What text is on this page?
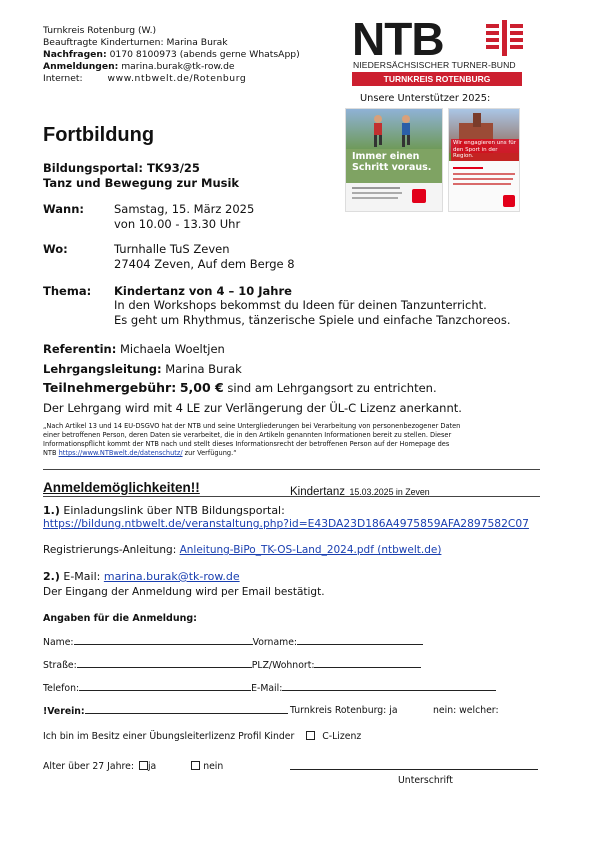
Turnkreis Rotenburg (W.)
Beauftragte Kinderturnen: Marina Burak
Nachfragen: 0170 8100973 (abends gerne WhatsApp)
Anmeldungen: marina.burak@tk-row.de
Internet:	www.ntbwelt.de/Rotenburg
NTB
NIEDERSÄCHSISCHER TURNER-BUND
TURNKREIS ROTENBURG
Unsere Unterstützer 2025:
Immer einen
Schritt voraus.
Wir engagieren uns für den Sport in der Region.
Fortbildung
Bildungsportal: TK93/25
Tanz und Bewegung zur Musik
Wann:	Samstag, 15. März 2025
von 10.00 - 13.30 Uhr
Wo:	Turnhalle TuS Zeven
27404 Zeven, Auf dem Berge 8
Thema: Kindertanz von 4 – 10 Jahre
In den Workshops bekommst du Ideen für deinen Tanzunterricht.
Es geht um Rhythmus, tänzerische Spiele und einfache Tanzchoreos.
Referentin: Michaela Woeltjen
Lehrgangsleitung: Marina Burak
Teilnehmergebühr: 5,00 € sind am Lehrgangsort zu entrichten.
Der Lehrgang wird mit 4 LE zur Verlängerung der ÜL-C Lizenz anerkannt.
„Nach Artikel 13 und 14 EU-DSGVO hat der NTB und seine Untergliederungen bei Verarbeitung von personenbezogener Daten
einer betroffenen Person, deren Daten sie verarbeitet, die in den Artikeln genannten Informationen bereit zu stellen. Dieser
Informationspflicht kommt der NTB nach und stellt dieses Informationsrecht der betroffenen Person auf der Homepage des
NTB https://www.NTBwelt.de/datenschutz/ zur Verfügung.“
Anmeldemöglichkeiten!!	Kindertanz 15.03.2025 in Zeven
1.) Einladungslink über NTB Bildungsportal:
https://bildung.ntbwelt.de/veranstaltung.php?id=E43DA23D186A4975859AFA2897582C07
Registrierungs-Anleitung: Anleitung-BiPo_TK-OS-Land_2024.pdf (ntbwelt.de)
2.) E-Mail: marina.burak@tk-row.de
Der Eingang der Anmeldung wird per Email bestätigt.
Angaben für die Anmeldung:
Name:	Vorname:
Straße:	PLZ/Wohnort:
Telefon:	E-Mail:
!Verein:	Turnkreis Rotenburg: ja	nein: welcher:
Ich bin im Besitz einer Übungsleiterlizenz Profil Kinder	C-Lizenz
Alter über 27 Jahre: ja	nein
Unterschrift
